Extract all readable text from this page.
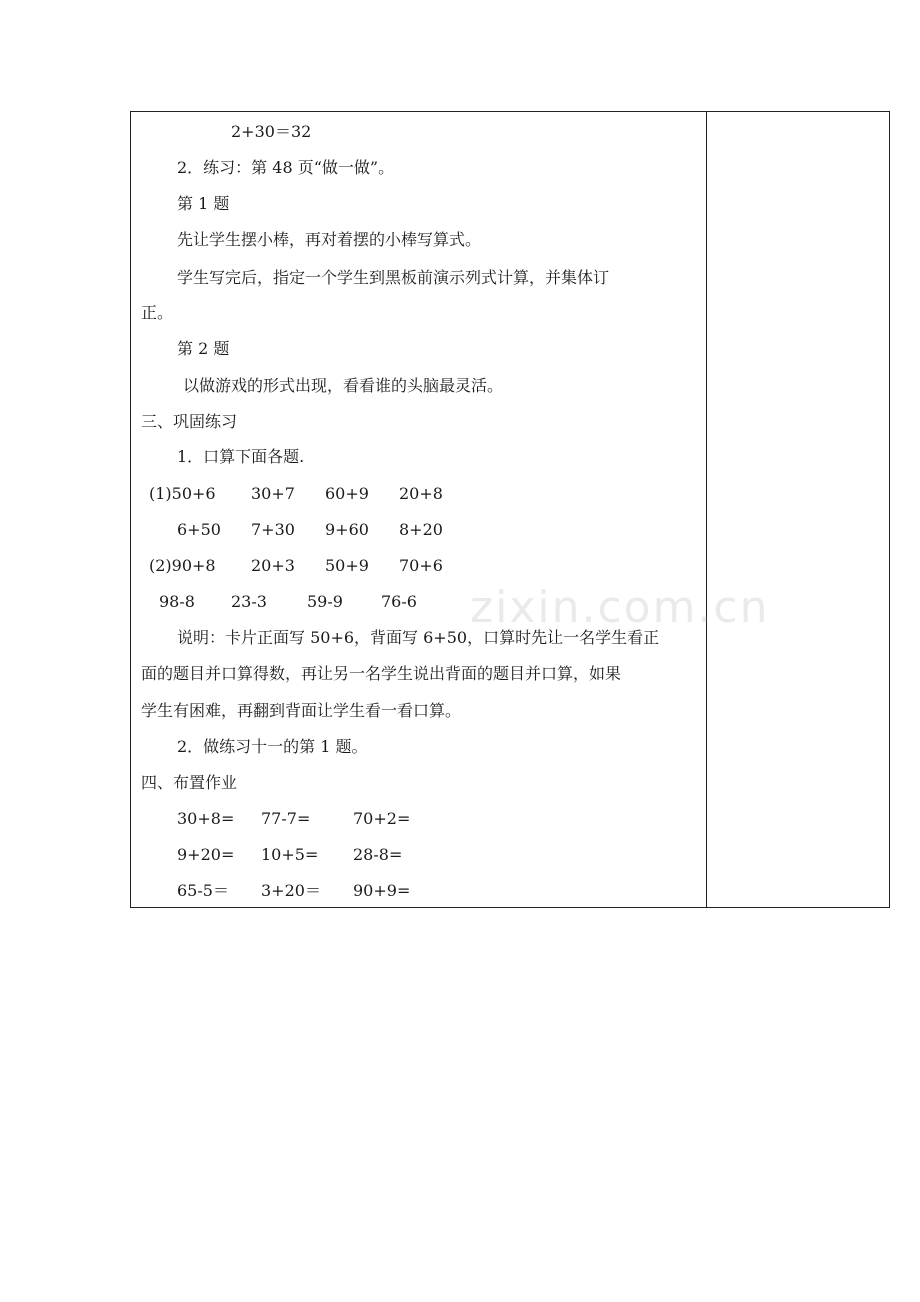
2+30＝32
2．练习：第 48 页“做一做”。
第 1 题
先让学生摆小棒，再对着摆的小棒写算式。
学生写完后，指定一个学生到黑板前演示列式计算，并集体订
正。
第 2 题
以做游戏的形式出现，看看谁的头脑最灵活。
三、巩固练习
1．口算下面各题.
(1)50+6 30+7 60+9 20+8
6+50 7+30 9+60 8+20
(2)90+8 20+3 50+9 70+6
98-8 23-3	59-9 76-6
说明：卡片正面写 50+6，背面写 6+50，口算时先让一名学生看正
面的题目并口算得数，再让另一名学生说出背面的题目并口算，如果
学生有困难，再翻到背面让学生看一看口算。
2．做练习十一的第 1 题。
四、布置作业
30+8= 77-7=	70+2=
9+20= 10+5= 28-8=
65-5＝ 3+20＝ 90+9=
zixin.com.cn
